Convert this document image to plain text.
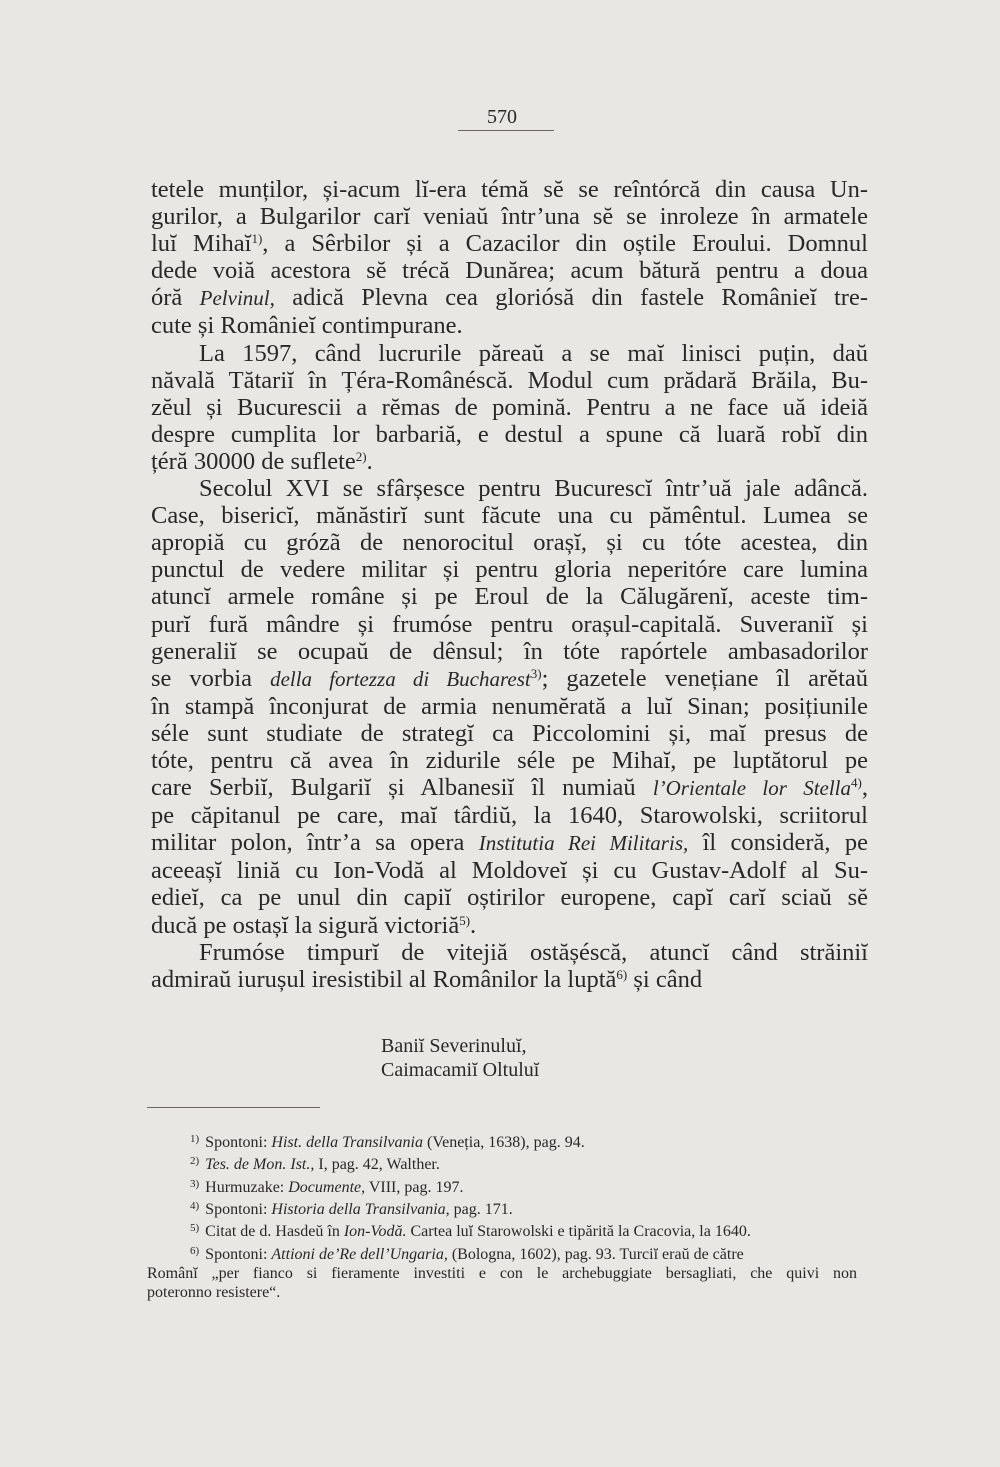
570
tetele munților, și-acum lĭ-era témă sĕ se reîntórcă din causa Un-
gurilor, a Bulgarilor carĭ veniaŭ într’una sĕ se inroleze în armatele
luĭ Mihaĭ$^{1)}$, a Sêrbilor și a Cazacilor din oștile Eroului. Domnul
dede voiă acestora sĕ trécă Dunărea; acum bătură pentru a doua
óră Pelvinul, adică Plevna cea gloriósă din fastele Românieĭ tre-
cute și Românieĭ contimpurane.
La 1597, când lucrurile păreaŭ a se maĭ linisci puțin, daŭ
năvală Tătariĭ în Țéra-Românéscă. Modul cum prădară Brăila, Bu-
zĕul și Bucurescii a rĕmas de pomină. Pentru a ne face uă ideiă
despre cumplita lor barbariă, e destul a spune că luară robĭ din
țéră 30000 de suflete$^{2)}$.
Secolul XVI se sfârșesce pentru Bucurescĭ într’uă jale adâncă.
Case, bisericĭ, mănăstirĭ sunt făcute una cu pămêntul. Lumea se
apropiă cu grózã de nenorocitul orașĭ, și cu tóte acestea, din
punctul de vedere militar și pentru gloria neperitóre care lumina
atuncĭ armele române și pe Eroul de la Călugărenĭ, aceste tim-
purĭ fură mândre și frumóse pentru orașul-capitală. Suveraniĭ și
generaliĭ se ocupaŭ de dênsul; în tóte rapórtele ambasadorilor
se vorbia della fortezza di Bucharest$^{3)}$; gazetele venețiane îl arĕtaŭ
în stampă înconjurat de armia nenumĕrată a luĭ Sinan; posițiunile
séle sunt studiate de strategĭ ca Piccolomini și, maĭ presus de
tóte, pentru că avea în zidurile séle pe Mihaĭ, pe luptătorul pe
care Serbiĭ, Bulgariĭ și Albanesiĭ îl numiaŭ l’Orientale lor Stella$^{4)}$,
pe căpitanul pe care, maĭ târdiŭ, la 1640, Starowolski, scriitorul
militar polon, într’a sa opera Institutia Rei Militaris, îl consideră, pe
aceeașĭ liniă cu Ion-Vodă al Moldoveĭ și cu Gustav-Adolf al Su-
edieĭ, ca pe unul din capiĭ oștirilor europene, capĭ carĭ sciaŭ sĕ
ducă pe ostașĭ la sigură victoriă$^{5)}$.
Frumóse timpurĭ de vitejiă ostășéscă, atuncĭ când străiniĭ
admiraŭ iurușul iresistibil al Românilor la luptă$^{6)}$ și când
Baniĭ Severinuluĭ,
Caimacamiĭ Oltuluĭ
$^{1)}$ Spontoni: Hist. della Transilvania (Veneția, 1638), pag. 94.
$^{2)}$ Tes. de Mon. Ist., I, pag. 42, Walther.
$^{3)}$ Hurmuzake: Documente, VIII, pag. 197.
$^{4)}$ Spontoni: Historia della Transilvania, pag. 171.
$^{5)}$ Citat de d. Hasdeŭ în Ion-Vodă. Cartea luĭ Starowolski e tipărită la Cracovia, la 1640.
$^{6)}$ Spontoni: Attioni de’Re dell’Ungaria, (Bologna, 1602), pag. 93. Turciĭ eraŭ de către
Românĭ „per fianco si fieramente investiti e con le archebuggiate bersagliati, che quivi non
poteronno resistere“.
